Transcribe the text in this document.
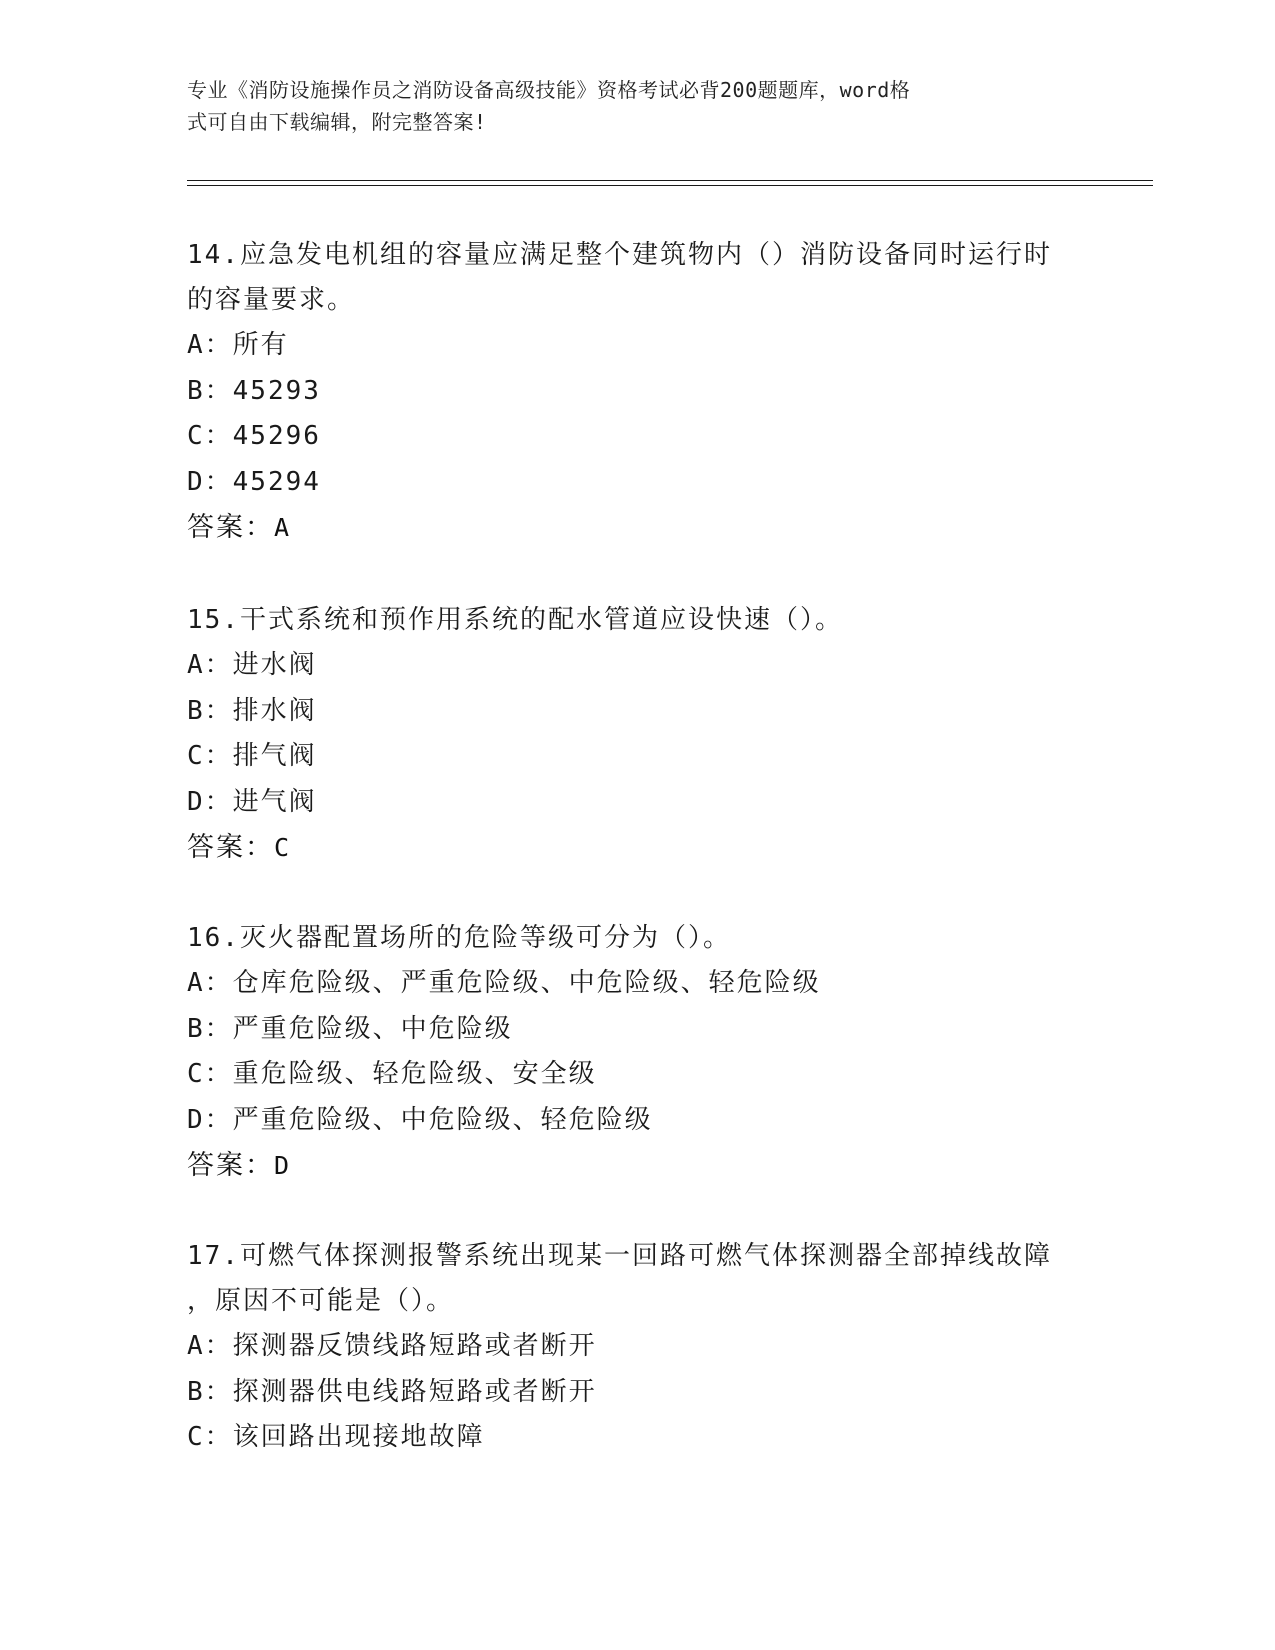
专业《消防设施操作员之消防设备高级技能》资格考试必背200题题库，word格
式可自由下载编辑，附完整答案!
14.应急发电机组的容量应满足整个建筑物内（）消防设备同时运行时
的容量要求。
A：所有
B：45293
C：45296
D：45294
答案：A
15.干式系统和预作用系统的配水管道应设快速（）。
A：进水阀
B：排水阀
C：排气阀
D：进气阀
答案：C
16.灭火器配置场所的危险等级可分为（）。
A：仓库危险级、严重危险级、中危险级、轻危险级
B：严重危险级、中危险级
C：重危险级、轻危险级、安全级
D：严重危险级、中危险级、轻危险级
答案：D
17.可燃气体探测报警系统出现某一回路可燃气体探测器全部掉线故障
，原因不可能是（）。
A：探测器反馈线路短路或者断开
B：探测器供电线路短路或者断开
C：该回路出现接地故障
